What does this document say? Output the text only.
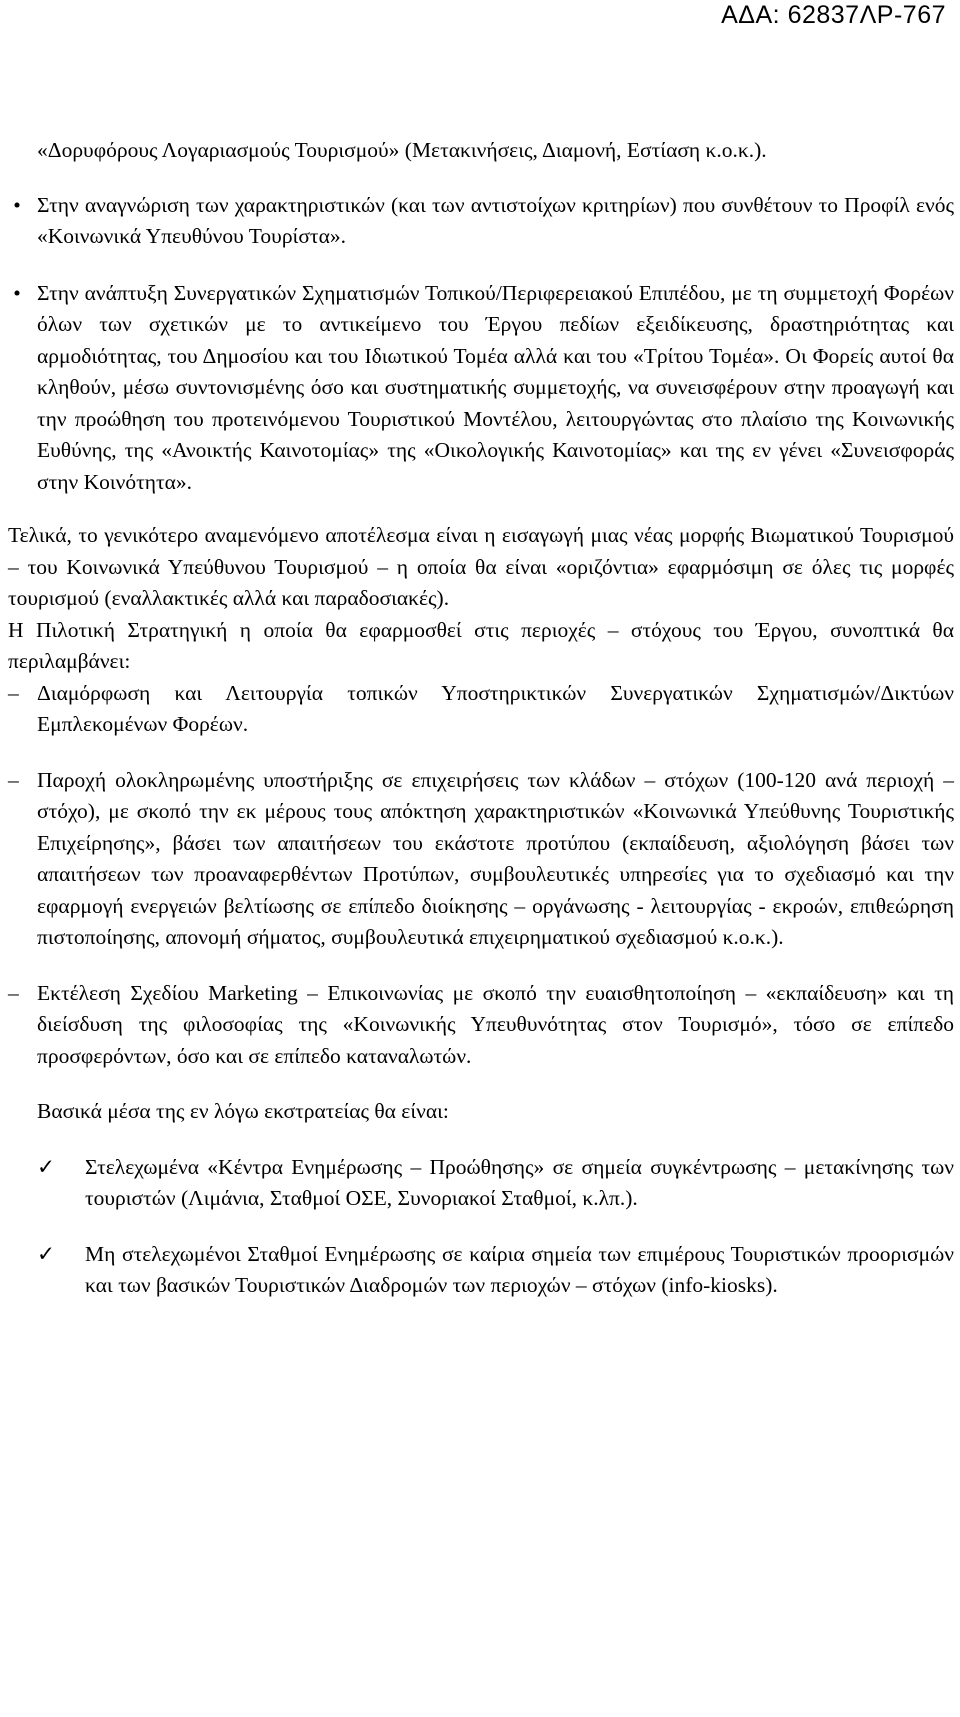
ΑΔΑ: 62837ΛΡ-767

«Δορυφόρους Λογαριασμούς Τουρισμού» (Μετακινήσεις, Διαμονή, Εστίαση κ.ο.κ.).

• Στην αναγνώριση των χαρακτηριστικών (και των αντιστοίχων κριτηρίων) που συνθέτουν το Προφίλ ενός «Κοινωνικά Υπευθύνου Τουρίστα».

• Στην ανάπτυξη Συνεργατικών Σχηματισμών Τοπικού/Περιφερειακού Επιπέδου, με τη συμμετοχή Φορέων όλων των σχετικών με το αντικείμενο του Έργου πεδίων εξειδίκευσης, δραστηριότητας και αρμοδιότητας, του Δημοσίου και του Ιδιωτικού Τομέα αλλά και του «Τρίτου Τομέα». Οι Φορείς αυτοί θα κληθούν, μέσω συντονισμένης όσο και συστηματικής συμμετοχής, να συνεισφέρουν στην προαγωγή και την προώθηση του προτεινόμενου Τουριστικού Μοντέλου, λειτουργώντας στο πλαίσιο της Κοινωνικής Ευθύνης, της «Ανοικτής Καινοτομίας» της «Οικολογικής Καινοτομίας» και της εν γένει «Συνεισφοράς στην Κοινότητα».

Τελικά, το γενικότερο αναμενόμενο αποτέλεσμα είναι η εισαγωγή μιας νέας μορφής Βιωματικού Τουρισμού – του Κοινωνικά Υπεύθυνου Τουρισμού – η οποία θα είναι «οριζόντια» εφαρμόσιμη σε όλες τις μορφές τουρισμού (εναλλακτικές αλλά και παραδοσιακές).

Η Πιλοτική Στρατηγική η οποία θα εφαρμοσθεί στις περιοχές – στόχους του Έργου, συνοπτικά θα περιλαμβάνει:

– Διαμόρφωση και Λειτουργία τοπικών Υποστηρικτικών Συνεργατικών Σχηματισμών/Δικτύων Εμπλεκομένων Φορέων.

– Παροχή ολοκληρωμένης υποστήριξης σε επιχειρήσεις των κλάδων – στόχων (100-120 ανά περιοχή – στόχο), με σκοπό την εκ μέρους τους απόκτηση χαρακτηριστικών «Κοινωνικά Υπεύθυνης Τουριστικής Επιχείρησης», βάσει των απαιτήσεων του εκάστοτε προτύπου (εκπαίδευση, αξιολόγηση βάσει των απαιτήσεων των προαναφερθέντων Προτύπων, συμβουλευτικές υπηρεσίες για το σχεδιασμό και την εφαρμογή ενεργειών βελτίωσης σε επίπεδο διοίκησης – οργάνωσης - λειτουργίας - εκροών, επιθεώρηση πιστοποίησης, απονομή σήματος, συμβουλευτικά επιχειρηματικού σχεδιασμού κ.ο.κ.).

– Εκτέλεση Σχεδίου Marketing – Επικοινωνίας με σκοπό την ευαισθητοποίηση – «εκπαίδευση» και τη διείσδυση της φιλοσοφίας της «Κοινωνικής Υπευθυνότητας στον Τουρισμό», τόσο σε επίπεδο προσφερόντων, όσο και σε επίπεδο καταναλωτών.

Βασικά μέσα της εν λόγω εκστρατείας θα είναι:

✓ Στελεχωμένα «Κέντρα Ενημέρωσης – Προώθησης» σε σημεία συγκέντρωσης – μετακίνησης των τουριστών (Λιμάνια, Σταθμοί ΟΣΕ, Συνοριακοί Σταθμοί, κ.λπ.).

✓ Μη στελεχωμένοι Σταθμοί Ενημέρωσης σε καίρια σημεία των επιμέρους Τουριστικών προορισμών και των βασικών Τουριστικών Διαδρομών των περιοχών – στόχων (info-kiosks).
